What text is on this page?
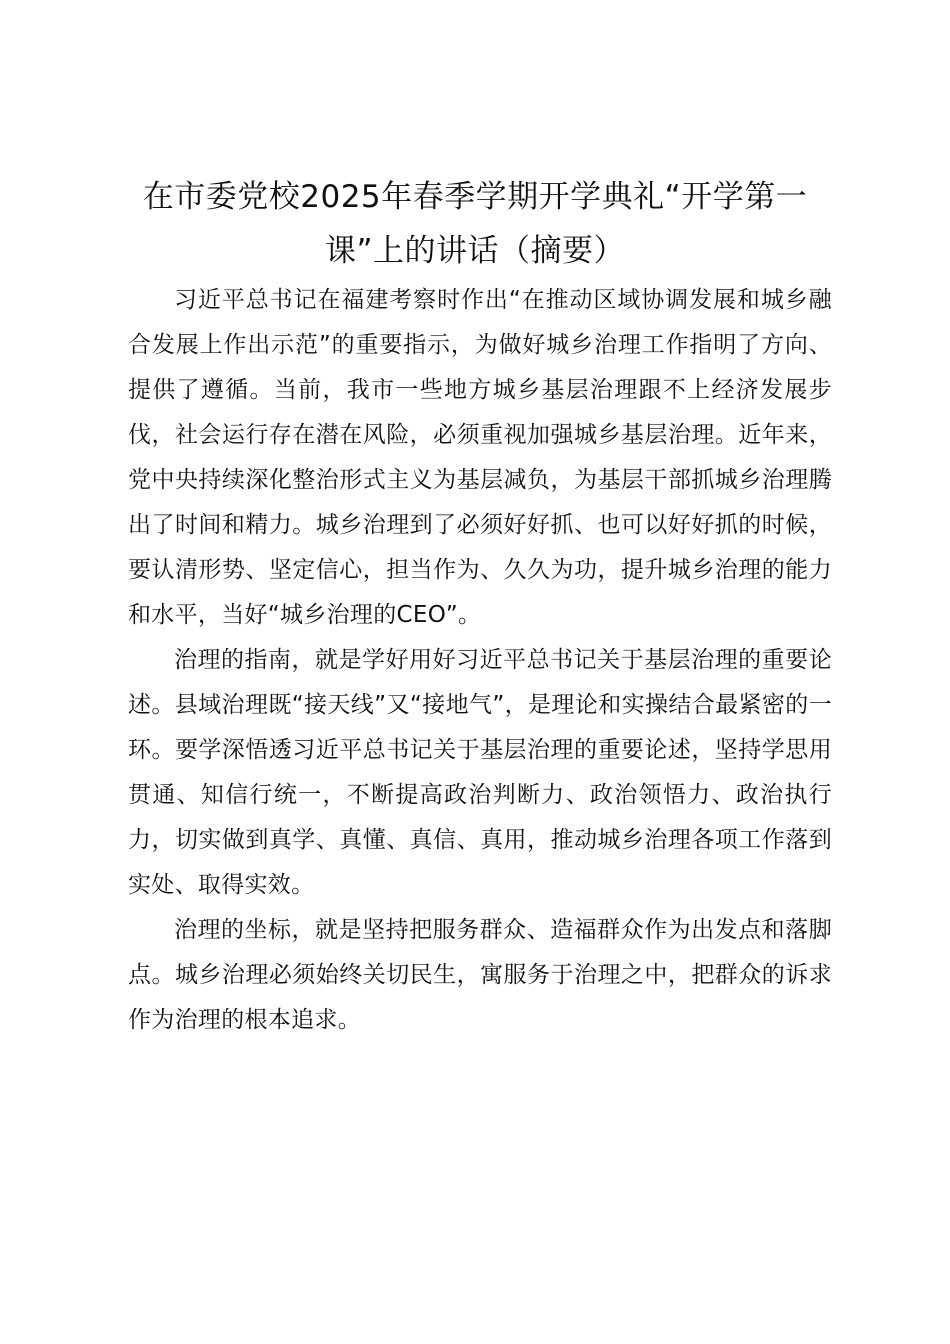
在市委党校2025年春季学期开学典礼“开学第一课”上的讲话（摘要）

习近平总书记在福建考察时作出“在推动区域协调发展和城乡融合发展上作出示范”的重要指示，为做好城乡治理工作指明了方向、提供了遵循。当前，我市一些地方城乡基层治理跟不上经济发展步伐，社会运行存在潜在风险，必须重视加强城乡基层治理。近年来，党中央持续深化整治形式主义为基层减负，为基层干部抓城乡治理腾出了时间和精力。城乡治理到了必须好好抓、也可以好好抓的时候，要认清形势、坚定信心，担当作为、久久为功，提升城乡治理的能力和水平，当好“城乡治理的CEO”。

治理的指南，就是学好用好习近平总书记关于基层治理的重要论述。县域治理既“接天线”又“接地气”，是理论和实操结合最紧密的一环。要学深悟透习近平总书记关于基层治理的重要论述，坚持学思用贯通、知信行统一，不断提高政治判断力、政治领悟力、政治执行力，切实做到真学、真懂、真信、真用，推动城乡治理各项工作落到实处、取得实效。

治理的坐标，就是坚持把服务群众、造福群众作为出发点和落脚点。城乡治理必须始终关切民生，寓服务于治理之中，把群众的诉求作为治理的根本追求。
